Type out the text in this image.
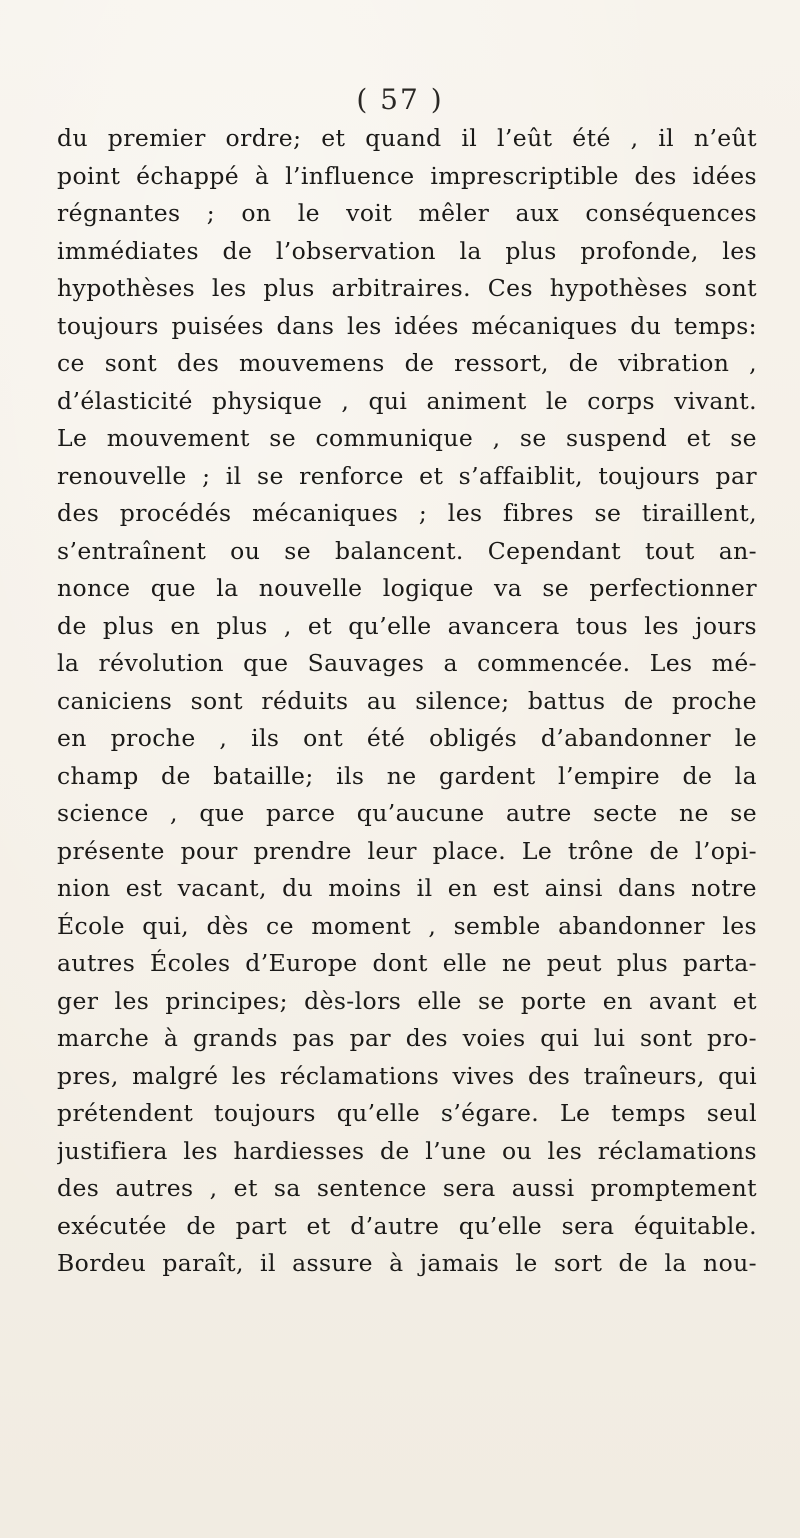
( 57 )
du premier ordre; et quand il l’eût été , il n’eût
point échappé à l’influence imprescriptible des idées
régnantes ; on le voit mêler aux conséquences
immédiates de l’observation la plus profonde, les
hypothèses les plus arbitraires. Ces hypothèses sont
toujours puisées dans les idées mécaniques du temps:
ce sont des mouvemens de ressort, de vibration ,
d’élasticité physique , qui animent le corps vivant.
Le mouvement se communique , se suspend et se
renouvelle ; il se renforce et s’affaiblit, toujours par
des procédés mécaniques ; les fibres se tiraillent,
s’entraînent ou se balancent. Cependant tout an-
nonce que la nouvelle logique va se perfectionner
de plus en plus , et qu’elle avancera tous les jours
la révolution que Sauvages a commencée. Les mé-
caniciens sont réduits au silence; battus de proche
en proche , ils ont été obligés d’abandonner le
champ de bataille; ils ne gardent l’empire de la
science , que parce qu’aucune autre secte ne se
présente pour prendre leur place. Le trône de l’opi-
nion est vacant, du moins il en est ainsi dans notre
École qui, dès ce moment , semble abandonner les
autres Écoles d’Europe dont elle ne peut plus parta-
ger les principes; dès-lors elle se porte en avant et
marche à grands pas par des voies qui lui sont pro-
pres, malgré les réclamations vives des traîneurs, qui
prétendent toujours qu’elle s’égare. Le temps seul
justifiera les hardiesses de l’une ou les réclamations
des autres , et sa sentence sera aussi promptement
exécutée de part et d’autre qu’elle sera équitable.
Bordeu paraît, il assure à jamais le sort de la nou-
